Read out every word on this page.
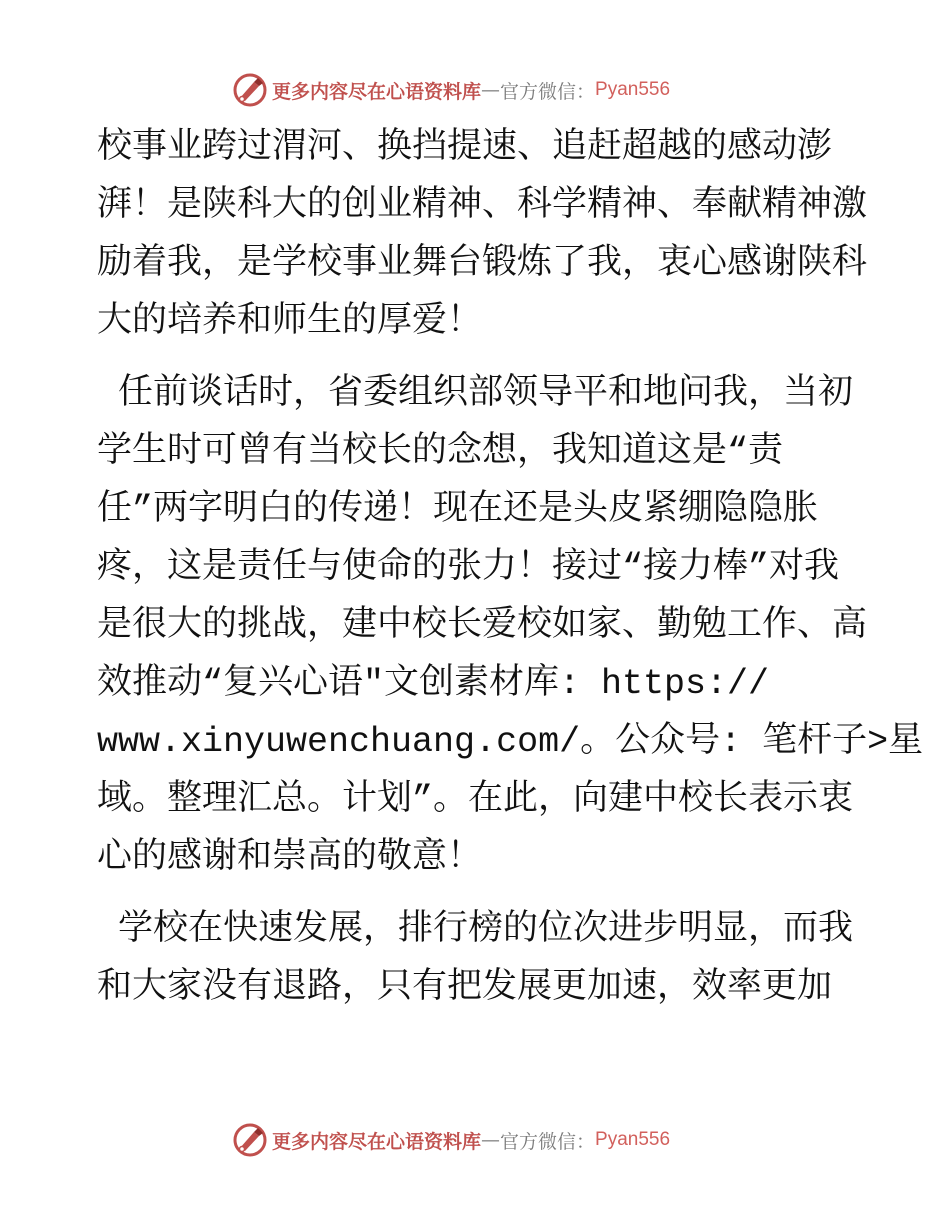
更多内容尽在心语资料库 — 官方微信： Pyan556
校事业跨过渭河、换挡提速、追赶超越的感动澎
湃！是陕科大的创业精神、科学精神、奉献精神激
励着我，是学校事业舞台锻炼了我，衷心感谢陕科
大的培养和师生的厚爱！
任前谈话时，省委组织部领导平和地问我，当初
学生时可曾有当校长的念想，我知道这是“责
任”两字明白的传递！现在还是头皮紧绷隐隐胀
疼，这是责任与使命的张力！接过“接力棒”对我
是很大的挑战，建中校长爱校如家、勤勉工作、高
效推动“复兴心语"文创素材库: https://
www.xinyuwenchuang.com/。公众号: 笔杆子>星
域。整理汇总。计划”。在此，向建中校长表示衷
心的感谢和崇高的敬意！
学校在快速发展，排行榜的位次进步明显，而我
和大家没有退路，只有把发展更加速，效率更加
更多内容尽在心语资料库 — 官方微信： Pyan556
